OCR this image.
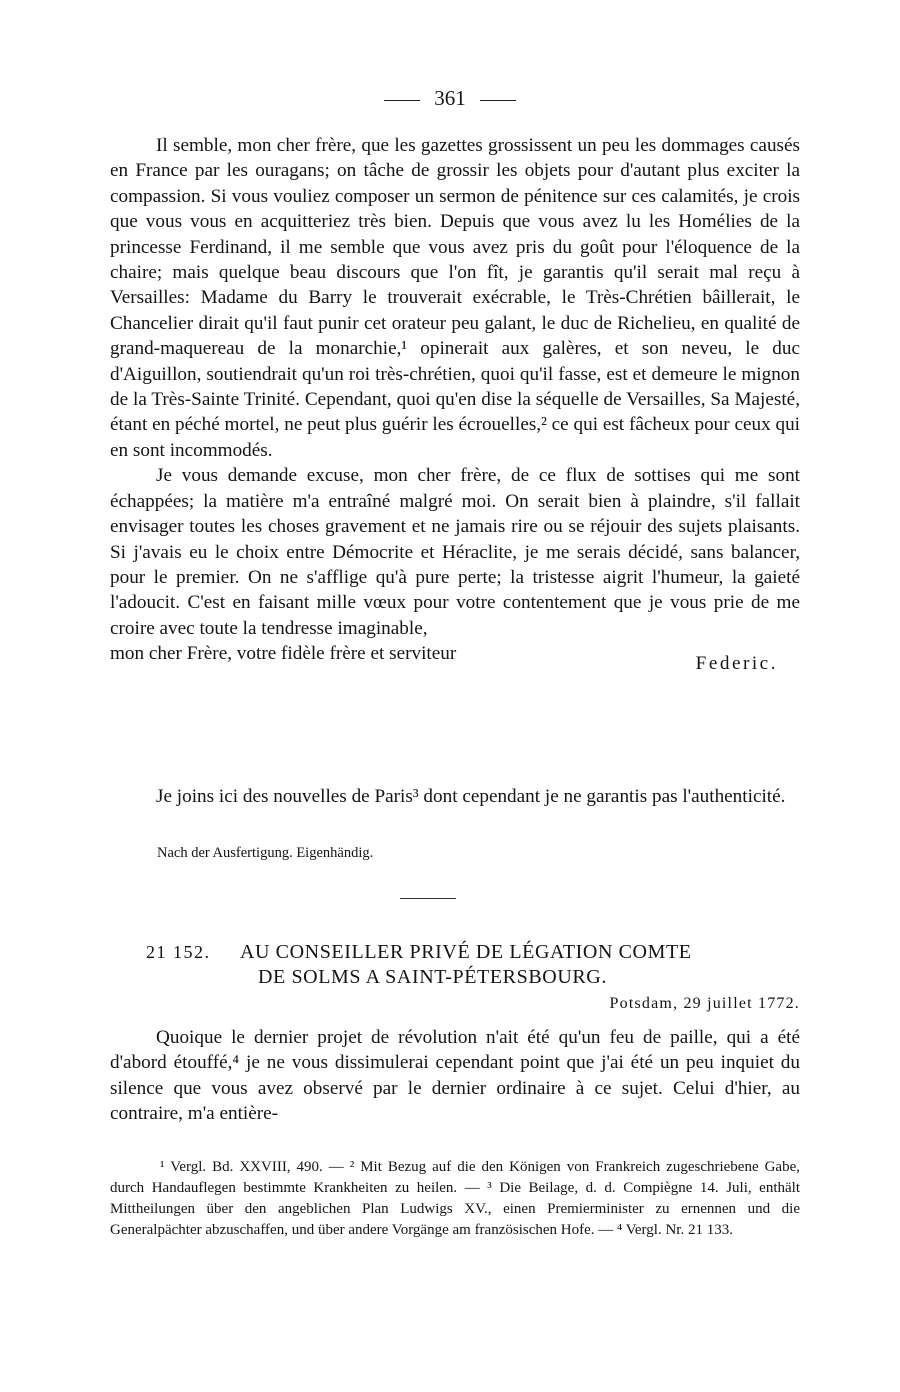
361

Il semble, mon cher frère, que les gazettes grossissent un peu les dommages causés en France par les ouragans; on tâche de grossir les objets pour d'autant plus exciter la compassion. Si vous vouliez composer un sermon de pénitence sur ces calamités, je crois que vous vous en acquitteriez très bien. Depuis que vous avez lu les Homélies de la princesse Ferdinand, il me semble que vous avez pris du goût pour l'éloquence de la chaire; mais quelque beau discours que l'on fît, je garantis qu'il serait mal reçu à Versailles: Madame du Barry le trouverait exécrable, le Très-Chrétien bâillerait, le Chancelier dirait qu'il faut punir cet orateur peu galant, le duc de Richelieu, en qualité de grand-maquereau de la monarchie,¹ opinerait aux galères, et son neveu, le duc d'Aiguillon, soutiendrait qu'un roi très-chrétien, quoi qu'il fasse, est et demeure le mignon de la Très-Sainte Trinité. Cependant, quoi qu'en dise la séquelle de Versailles, Sa Majesté, étant en péché mortel, ne peut plus guérir les écrouelles,² ce qui est fâcheux pour ceux qui en sont incommodés.

Je vous demande excuse, mon cher frère, de ce flux de sottises qui me sont échappées; la matière m'a entraîné malgré moi. On serait bien à plaindre, s'il fallait envisager toutes les choses gravement et ne jamais rire ou se réjouir des sujets plaisants. Si j'avais eu le choix entre Démocrite et Héraclite, je me serais décidé, sans balancer, pour le premier. On ne s'afflige qu'à pure perte; la tristesse aigrit l'humeur, la gaieté l'adoucit. C'est en faisant mille vœux pour votre contentement que je vous prie de me croire avec toute la tendresse imaginable,

mon cher Frère, votre fidèle frère et serviteur	Federic.

Je joins ici des nouvelles de Paris³ dont cependant je ne garantis pas l'authenticité.

Nach der Ausfertigung. Eigenhändig.
21 152. AU CONSEILLER PRIVÉ DE LÉGATION COMTE
DE SOLMS A SAINT-PÉTERSBOURG.
Potsdam, 29 juillet 1772.

Quoique le dernier projet de révolution n'ait été qu'un feu de paille, qui a été d'abord étouffé,⁴ je ne vous dissimulerai cependant point que j'ai été un peu inquiet du silence que vous avez observé par le dernier ordinaire à ce sujet. Celui d'hier, au contraire, m'a entière-

¹ Vergl. Bd. XXVIII, 490. — ² Mit Bezug auf die den Königen von Frankreich zugeschriebene Gabe, durch Handauflegen bestimmte Krankheiten zu heilen. — ³ Die Beilage, d. d. Compiègne 14. Juli, enthält Mittheilungen über den angeblichen Plan Ludwigs XV., einen Premierminister zu ernennen und die Generalpächter abzuschaffen, und über andere Vorgänge am französischen Hofe. — ⁴ Vergl. Nr. 21 133.
